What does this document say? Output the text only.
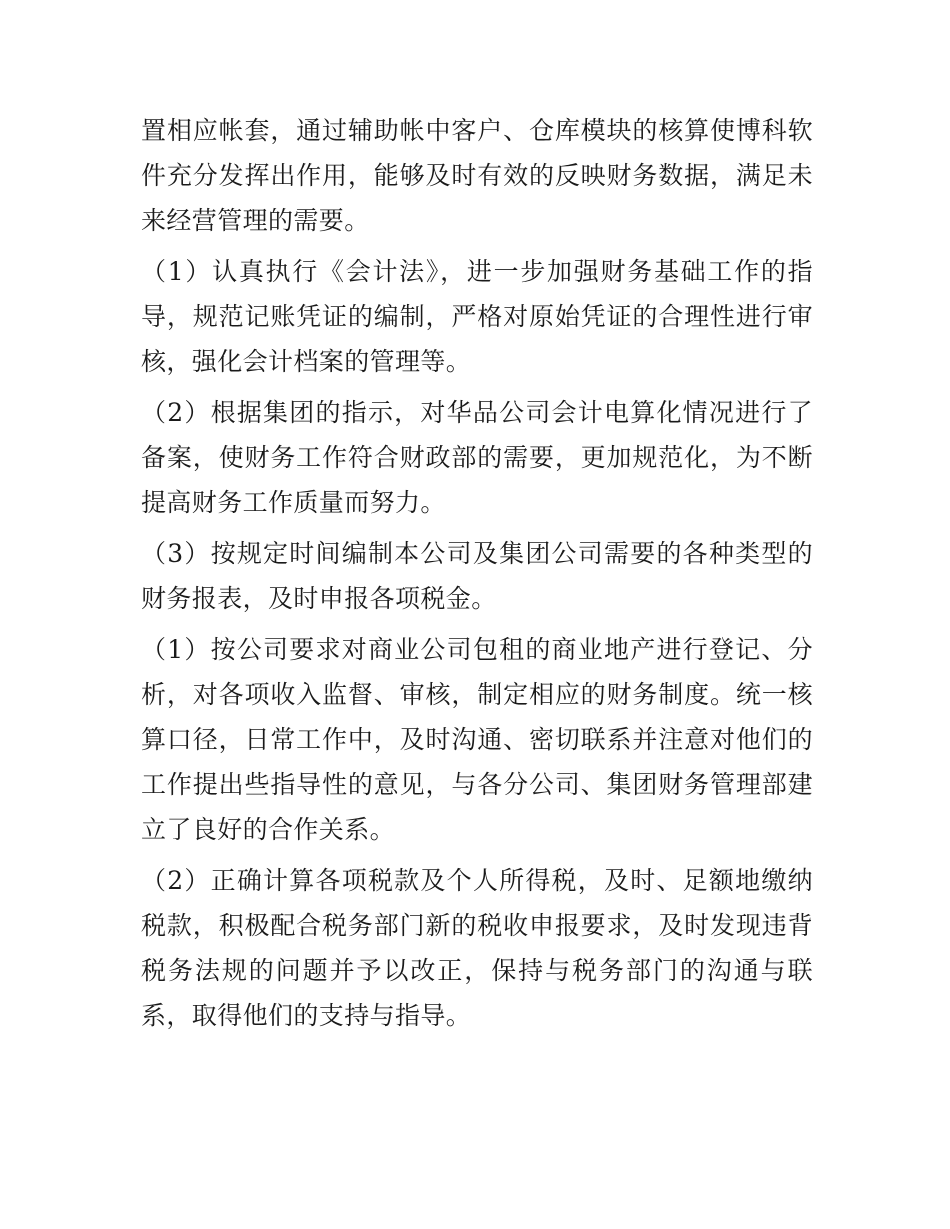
置相应帐套，通过辅助帐中客户、仓库模块的核算使博科软件充分发挥出作用，能够及时有效的反映财务数据，满足未来经营管理的需要。

（1）认真执行《会计法》，进一步加强财务基础工作的指导，规范记账凭证的编制，严格对原始凭证的合理性进行审核，强化会计档案的管理等。

（2）根据集团的指示，对华品公司会计电算化情况进行了备案，使财务工作符合财政部的需要，更加规范化，为不断提高财务工作质量而努力。

（3）按规定时间编制本公司及集团公司需要的各种类型的财务报表，及时申报各项税金。

（1）按公司要求对商业公司包租的商业地产进行登记、分析，对各项收入监督、审核，制定相应的财务制度。统一核算口径，日常工作中，及时沟通、密切联系并注意对他们的工作提出些指导性的意见，与各分公司、集团财务管理部建立了良好的合作关系。

（2）正确计算各项税款及个人所得税，及时、足额地缴纳税款，积极配合税务部门新的税收申报要求，及时发现违背税务法规的问题并予以改正，保持与税务部门的沟通与联系，取得他们的支持与指导。
